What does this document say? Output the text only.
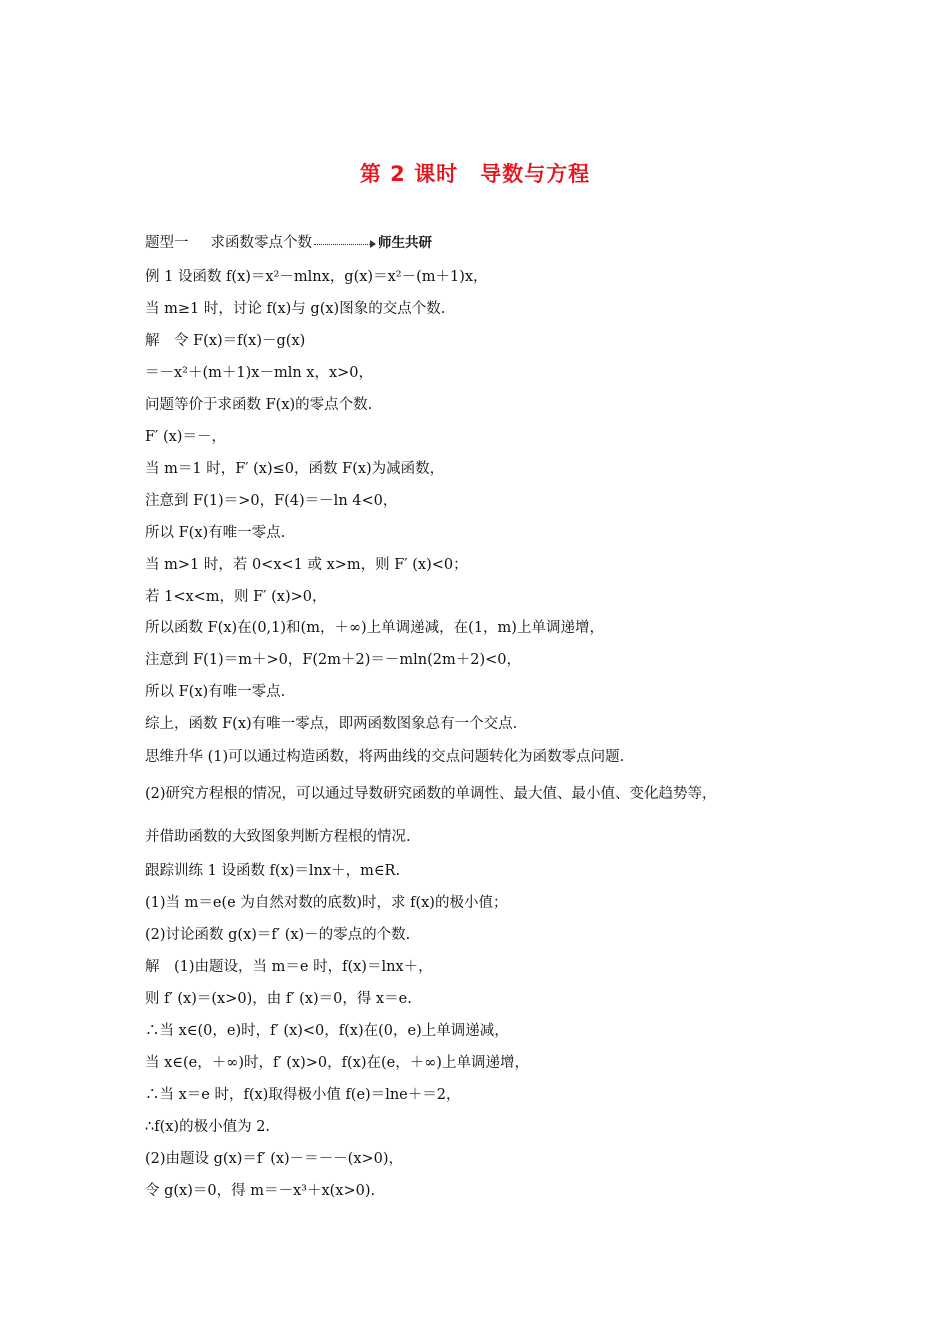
第 2 课时　导数与方程
题型一 求函数零点个数	师生共研
例 1 设函数 f(x)＝x²－mlnx，g(x)＝x²－(m＋1)x，
当 m≥1 时，讨论 f(x)与 g(x)图象的交点个数.
解　令 F(x)＝f(x)－g(x)
＝－x²＋(m＋1)x－mln x，x>0，
问题等价于求函数 F(x)的零点个数.
F′ (x)＝－，
当 m＝1 时，F′ (x)≤0，函数 F(x)为减函数，
注意到 F(1)＝>0，F(4)＝－ln 4<0，
所以 F(x)有唯一零点.
当 m>1 时，若 0<x<1 或 x>m，则 F′ (x)<0；
若 1<x<m，则 F′ (x)>0，
所以函数 F(x)在(0,1)和(m，＋∞)上单调递减，在(1，m)上单调递增，
注意到 F(1)＝m＋>0，F(2m＋2)＝－mln(2m＋2)<0，
所以 F(x)有唯一零点.
综上，函数 F(x)有唯一零点，即两函数图象总有一个交点.
思维升华 (1)可以通过构造函数，将两曲线的交点问题转化为函数零点问题.
(2)研究方程根的情况，可以通过导数研究函数的单调性、最大值、最小值、变化趋势等，
并借助函数的大致图象判断方程根的情况.
跟踪训练 1 设函数 f(x)＝lnx＋，m∈R.
(1)当 m＝e(e 为自然对数的底数)时，求 f(x)的极小值；
(2)讨论函数 g(x)＝f′ (x)－的零点的个数.
解　(1)由题设，当 m＝e 时，f(x)＝lnx＋，
则 f′ (x)＝(x>0)，由 f′ (x)＝0，得 x＝e.
∴当 x∈(0，e)时，f′ (x)<0，f(x)在(0，e)上单调递减，
当 x∈(e，＋∞)时，f′ (x)>0，f(x)在(e，＋∞)上单调递增，
∴当 x＝e 时，f(x)取得极小值 f(e)＝lne＋＝2，
∴f(x)的极小值为 2.
(2)由题设 g(x)＝f′ (x)－＝－－(x>0)，
令 g(x)＝0，得 m＝－x³＋x(x>0).
